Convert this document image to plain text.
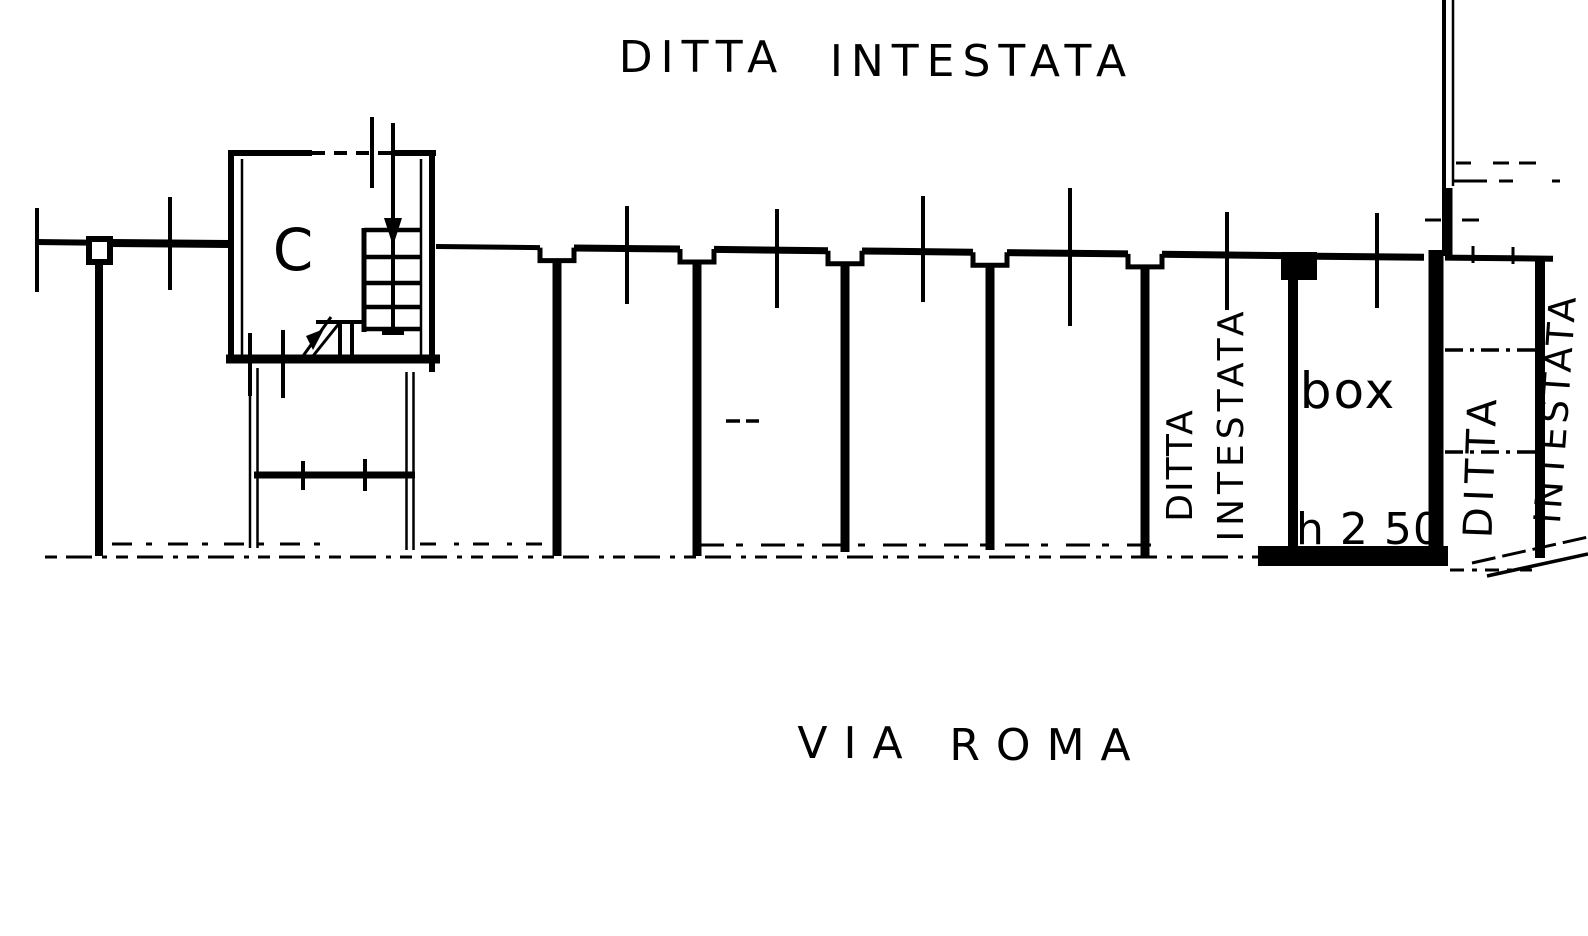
DITTA INTESTATA
C
box
h 2 50
DITTA INTESTATA	DITTA INTESTATA
VIA ROMA
